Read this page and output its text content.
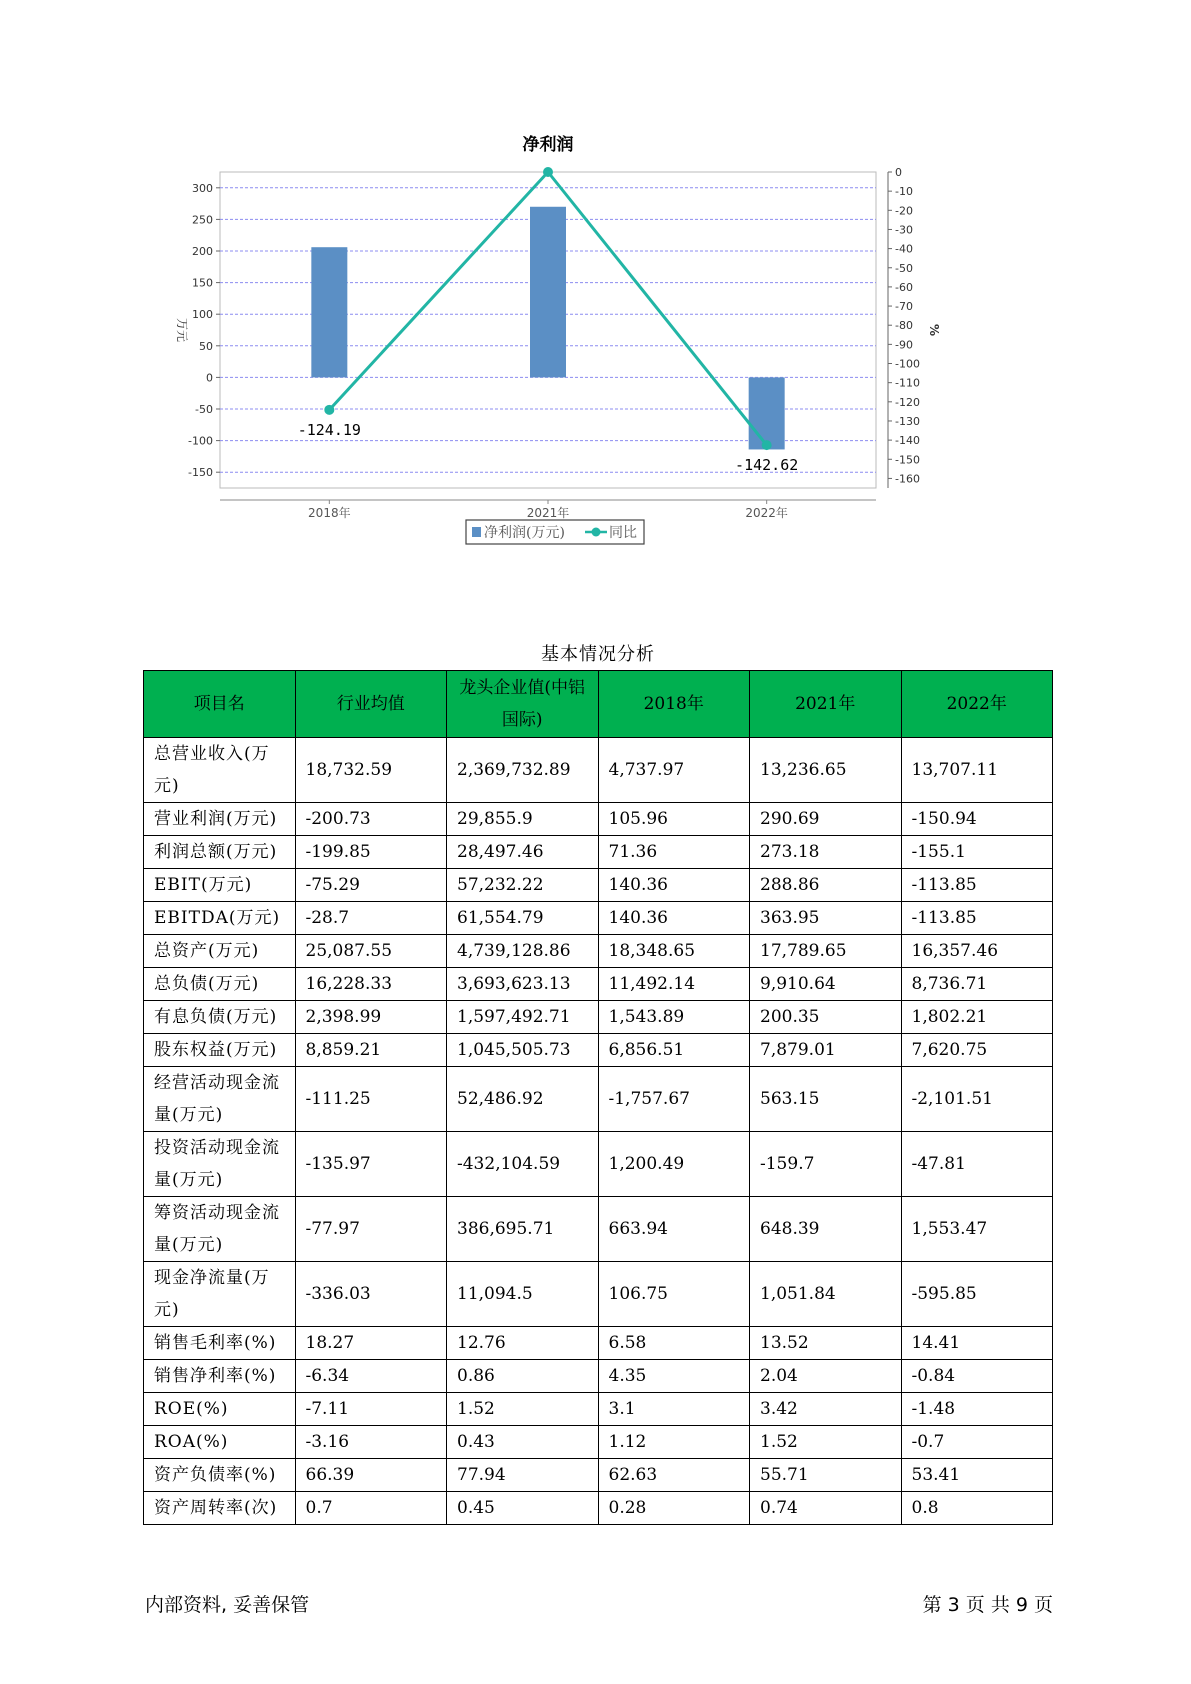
净利润
300
250
200
150
100
50
0
-50
-100
-150
0
-10
-20
-30
-40
-50
-60
-70
-80
-90
-100
-110
-120
-130
-140
-150
-160
万元	%
2018年	2021年	2022年
-124.19
-142.62
净利润(万元)	同比
基本情况分析
项目名	行业均值	龙头企业值(中铝国际)	2018年	2021年	2022年
总营业收入(万元)	18,732.59	2,369,732.89	4,737.97	13,236.65	13,707.11
营业利润(万元)	-200.73	29,855.9	105.96	290.69	-150.94
利润总额(万元)	-199.85	28,497.46	71.36	273.18	-155.1
EBIT(万元)	-75.29	57,232.22	140.36	288.86	-113.85
EBITDA(万元)	-28.7	61,554.79	140.36	363.95	-113.85
总资产(万元)	25,087.55	4,739,128.86	18,348.65	17,789.65	16,357.46
总负债(万元)	16,228.33	3,693,623.13	11,492.14	9,910.64	8,736.71
有息负债(万元)	2,398.99	1,597,492.71	1,543.89	200.35	1,802.21
股东权益(万元)	8,859.21	1,045,505.73	6,856.51	7,879.01	7,620.75
经营活动现金流量(万元)	-111.25	52,486.92	-1,757.67	563.15	-2,101.51
投资活动现金流量(万元)	-135.97	-432,104.59	1,200.49	-159.7	-47.81
筹资活动现金流量(万元)	-77.97	386,695.71	663.94	648.39	1,553.47
现金净流量(万元)	-336.03	11,094.5	106.75	1,051.84	-595.85
销售毛利率(%)	18.27	12.76	6.58	13.52	14.41
销售净利率(%)	-6.34	0.86	4.35	2.04	-0.84
ROE(%)	-7.11	1.52	3.1	3.42	-1.48
ROA(%)	-3.16	0.43	1.12	1.52	-0.7
资产负债率(%)	66.39	77.94	62.63	55.71	53.41
资产周转率(次)	0.7	0.45	0.28	0.74	0.8
内部资料, 妥善保管	第 3 页 共 9 页
